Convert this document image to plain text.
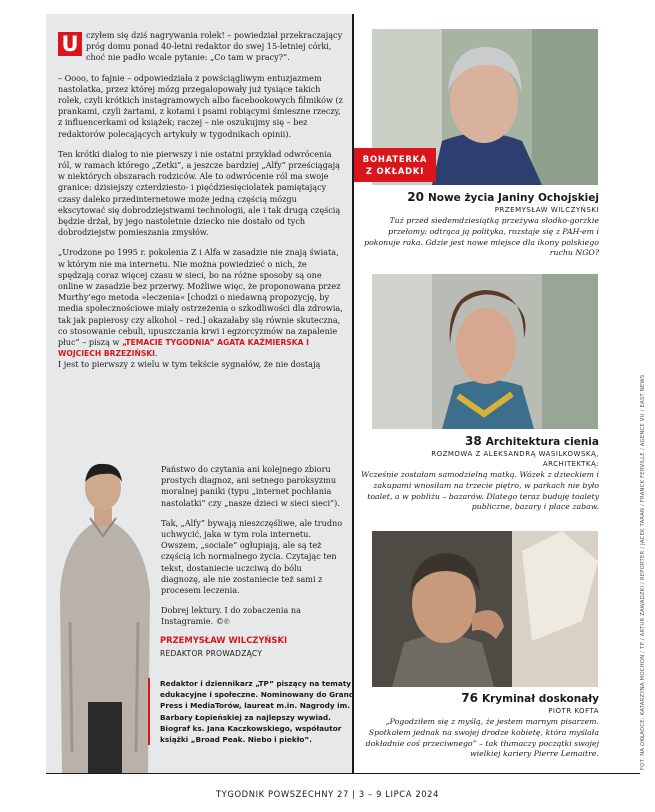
U czyłem się dziś nagrywania rolek! – powiedział przekraczający próg domu ponad 40-letni redaktor do swej 15-letniej córki, choć nie padło wcale pytanie: „Co tam w pracy?”.

– Oooo, to fajnie – odpowiedziała z powściągliwym entuzjazmem nastolatka, przez której mózg przegalopowały już tysiące takich rolek, czyli krótkich instagramowych albo facebookowych filmików (z prankami, czyli żartami, z kotami i psami robiącymi śmieszne rzeczy, z influencerkami od książek; raczej – nie oszukujmy się – bez redaktorów polecających artykuły w tygodnikach opinii).

Ten krótki dialog to nie pierwszy i nie ostatni przykład odwrócenia ról, w ramach którego „Zetki”, a jeszcze bardziej „Alfy” prześciągają w niektórych obszarach rodziców. Ale to odwrócenie ról ma swoje granice: dzisiejszy czterdziesto- i pięćdziesięciolatek pamiętający czasy daleko przedinternetowe może jedną częścią mózgu ekscytować się dobrodziejstwami technologii, ale i tak drugą częścią będzie drżał, by jego nastoletnie dziecko nie dostało od tych dobrodziejstw pomieszania zmysłów.

„Urodzone po 1995 r. pokolenia Z i Alfa w zasadzie nie znają świata, w którym nie ma internetu. Nie można powiedzieć o nich, że spędzają coraz więcej czasu w sieci, bo na różne sposoby są one online w zasadzie bez przerwy. Możliwe więc, że proponowana przez Murthy’ego metoda »leczenia« [chodzi o niedawną propozycję, by media społecznościowe miały ostrzeżenia o szkodliwości dla zdrowia, tak jak papierosy czy alkohol – red.] okazałaby się równie skuteczna, co stosowanie cebuli, upuszczania krwi i egzorcyzmów na zapalenie płuc” – piszą w „TEMACIE TYGODNIA” AGATA KAŹMIERSKA I WOJCIECH BRZEZIŃSKI.

I jest to pierwszy z wielu w tym tekście sygnałów, że nie dostają

Państwo do czytania ani kolejnego zbioru prostych diagnoz, ani setnego paroksyzmu moralnej paniki (typu „internet pochłania nastolatki” czy „nasze dzieci w sieci sieci”).

Tak, „Alfy” bywają nieszczęśliwe, ale trudno uchwycić, jaka w tym rola internetu. Owszem, „sociale” ogłupiają, ale są też częścią ich normalnego życia. Czytając ten tekst, dostaniecie uczciwą do bólu diagnozę, ale nie zostaniecie też sami z procesem leczenia.

Dobrej lektury. I do zobaczenia na Instagramie. ©℗

PRZEMYSŁAW WILCZYŃSKI
REDAKTOR PROWADZĄCY
Redaktor i dziennikarz „TP” piszący na tematy edukacyjne i społeczne. Nominowany do Grand Press i MediaTorów, laureat m.in. Nagrody im. Barbary Łopieńskiej za najlepszy wywiad. Biograf ks. Jana Kaczkowskiego, współautor książki „Broad Peak. Niebo i piekło”.
BOHATERKA
Z OKŁADKI
20 Nowe życia Janiny Ochojskiej
PRZEMYSŁAW WILCZYŃSKI
Tuż przed siedemdziesiątką przeżywa słodko-gorzkie przełomy: odtrąca ją polityka, rozstaje się z PAH-em i pokonuje raka. Gdzie jest nowe miejsce dla ikony polskiego ruchu NGO?
38 Architektura cienia
ROZMOWA Z ALEKSANDRĄ WASILKOWSKĄ, ARCHITEKTKĄ:
Wcześnie zostałam samodzielną matką. Wózek z dzieckiem i zakupami wnosiłam na trzecie piętro, w parkach nie było toalet, a w pobliżu – bazarów. Dlatego teraz buduję toalety publiczne, bazary i place zabaw.
76 Kryminał doskonały
PIOTR KOFTA
„Pogodziłem się z myślą, że jestem marnym pisarzem. Spotkałem jednak na swojej drodze kobietę, która myślała dokładnie coś przeciwnego” – tak tłumaczy początki swojej wielkiej kariery Pierre Lemaitre.	FOT. NA OKŁADCE: KATARZYNA MOCHOŃ / TP / ARTUR ZAWADZKI / REPORTER / JACEK TARAN / FRANCK FERVILLE / AGENCE VU / EAST NEWS
TYGODNIK POWSZECHNY 27 | 3 – 9 LIPCA 2024
